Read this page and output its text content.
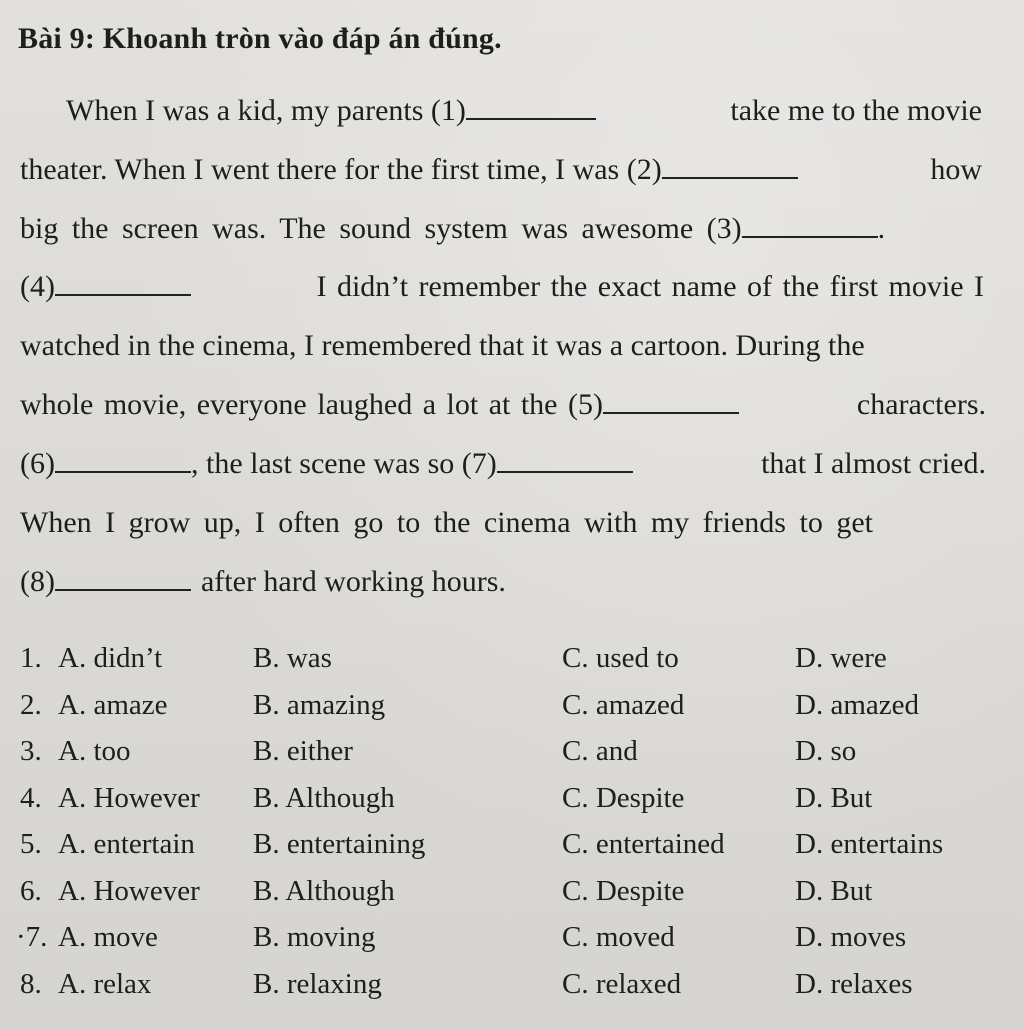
Bài 9: Khoanh tròn vào đáp án đúng.
When I was a kid, my parents (1)	take me to the movie
theater. When I went there for the first time, I was (2)	how
big the screen was. The sound system was awesome (3)	.
(4)	I didn’t remember the exact name of the first movie I
watched in the cinema, I remembered that it was a cartoon. During the
whole movie, everyone laughed a lot at the (5)	characters.
(6)	, the last scene was so (7)	that I almost cried.
When I grow up, I often go to the cinema with my friends to get
(8)	after hard working hours.
1. A. didn’t	B. was	C. used to	D. were
2. A. amaze	B. amazing	C. amazed	D. amazed
3. A. too	B. either	C. and	D. so
4. A. However B. Although	C. Despite	D. But
5. A. entertain B. entertaining	C. entertained D. entertains
6. A. However B. Although	C. Despite	D. But
·7. A. move	B. moving	C. moved	D. moves
8. A. relax	B. relaxing	C. relaxed	D. relaxes
